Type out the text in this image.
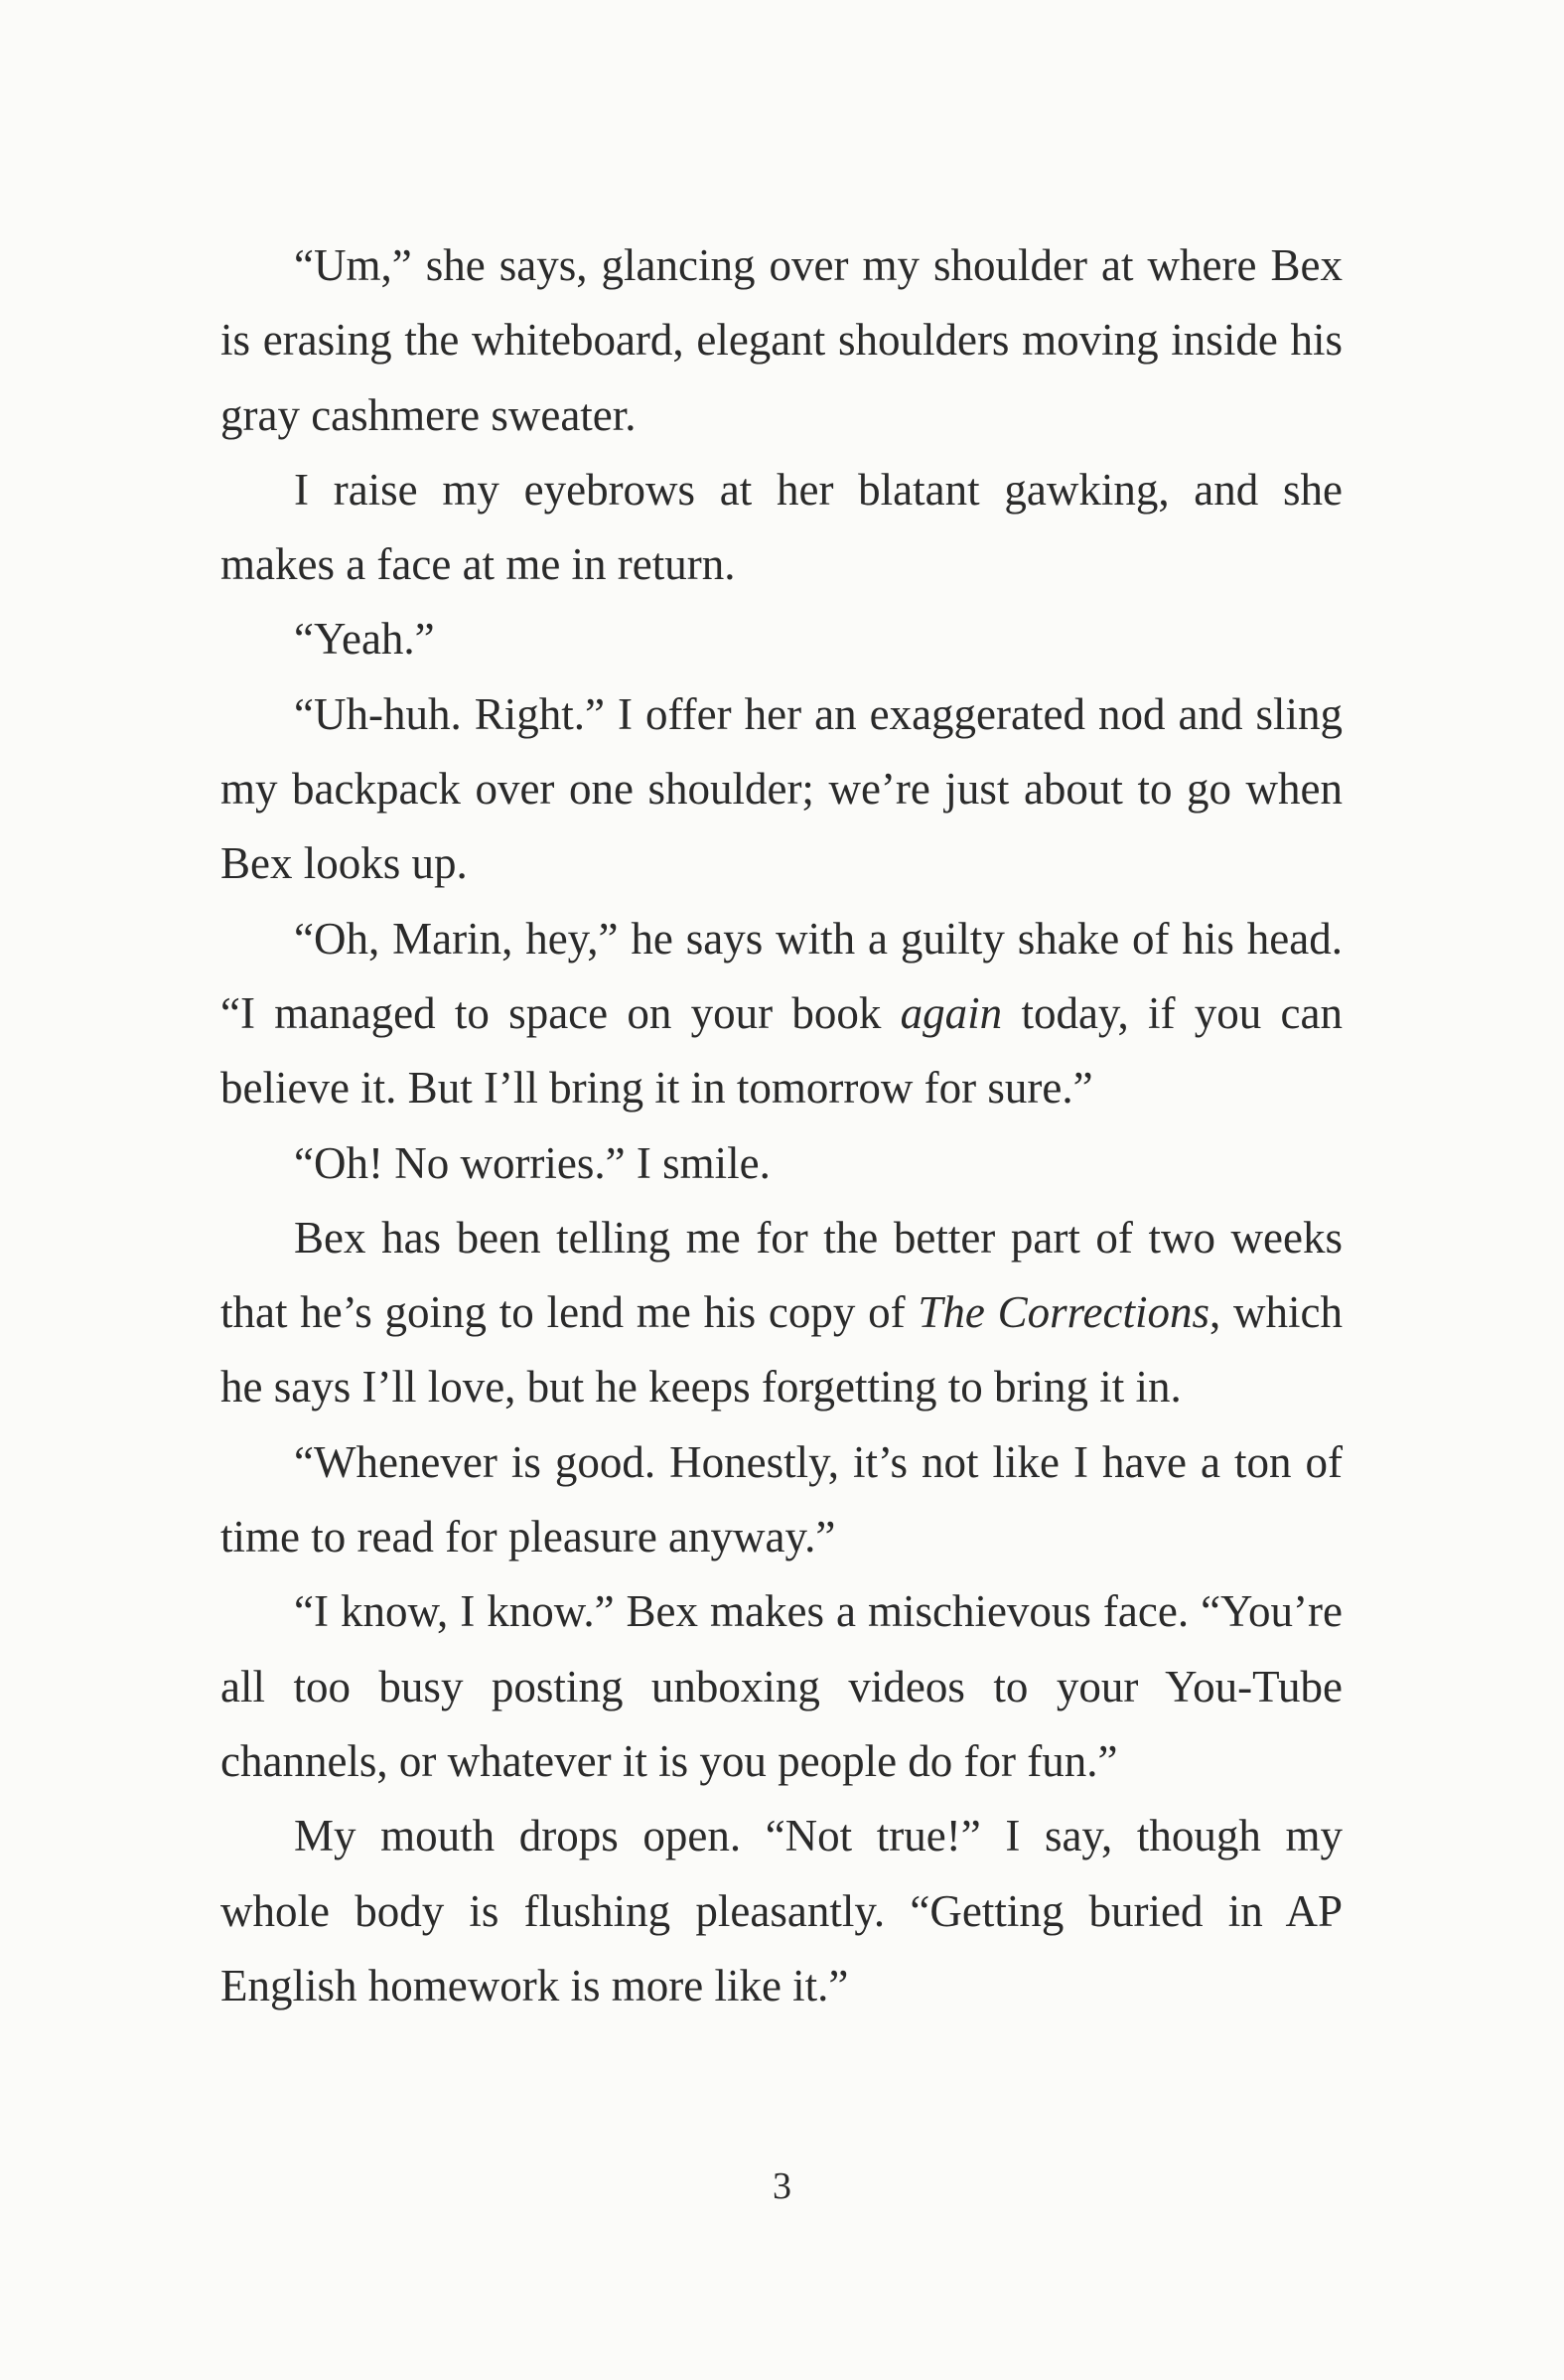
“Um,” she says, glancing over my shoulder at where Bex is erasing the whiteboard, elegant shoulders moving inside his gray cashmere sweater.

I raise my eyebrows at her blatant gawking, and she makes a face at me in return.

“Yeah.”

“Uh-huh. Right.” I offer her an exaggerated nod and sling my backpack over one shoulder; we’re just about to go when Bex looks up.

“Oh, Marin, hey,” he says with a guilty shake of his head. “I managed to space on your book again today, if you can believe it. But I’ll bring it in tomorrow for sure.”

“Oh! No worries.” I smile.

Bex has been telling me for the better part of two weeks that he’s going to lend me his copy of The Corrections, which he says I’ll love, but he keeps forgetting to bring it in.

“Whenever is good. Honestly, it’s not like I have a ton of time to read for pleasure anyway.”

“I know, I know.” Bex makes a mischievous face. “You’re all too busy posting unboxing videos to your You-Tube channels, or whatever it is you people do for fun.”

My mouth drops open. “Not true!” I say, though my whole body is flushing pleasantly. “Getting buried in AP English homework is more like it.”

3
